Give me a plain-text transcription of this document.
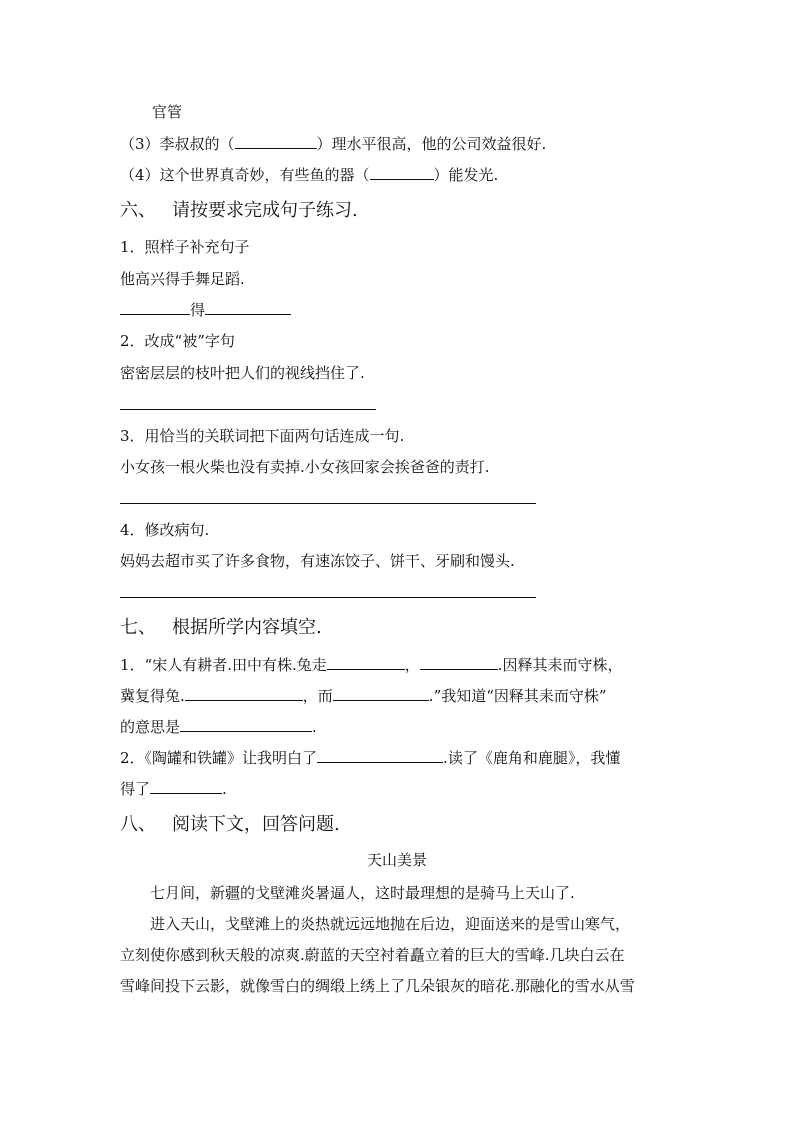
官管
（3）李叔叔的（	）理水平很高，他的公司效益很好.
（4）这个世界真奇妙，有些鱼的器（	）能发光.
六、 请按要求完成句子练习.
1．照样子补充句子
他高兴得手舞足蹈.
得
2．改成“被”字句
密密层层的枝叶把人们的视线挡住了.
3．用恰当的关联词把下面两句话连成一句.
小女孩一根火柴也没有卖掉.小女孩回家会挨爸爸的责打.
4．修改病句.
妈妈去超市买了许多食物，有速冻饺子、饼干、牙刷和馒头.
七、 根据所学内容填空.
1．“宋人有耕者.田中有株.兔走	，	.因释其耒而守株，
冀复得兔.	，而	.”我知道“因释其耒而守株”
的意思是	.
2．《陶罐和铁罐》让我明白了	.读了《鹿角和鹿腿》，我懂
得了	.
八、 阅读下文，回答问题.
天山美景
七月间，新疆的戈壁滩炎暑逼人，这时最理想的是骑马上天山了.
进入天山，戈壁滩上的炎热就远远地抛在后边，迎面送来的是雪山寒气，
立刻使你感到秋天般的凉爽.蔚蓝的天空衬着矗立着的巨大的雪峰.几块白云在
雪峰间投下云影，就像雪白的绸缎上绣上了几朵银灰的暗花.那融化的雪水从雪
